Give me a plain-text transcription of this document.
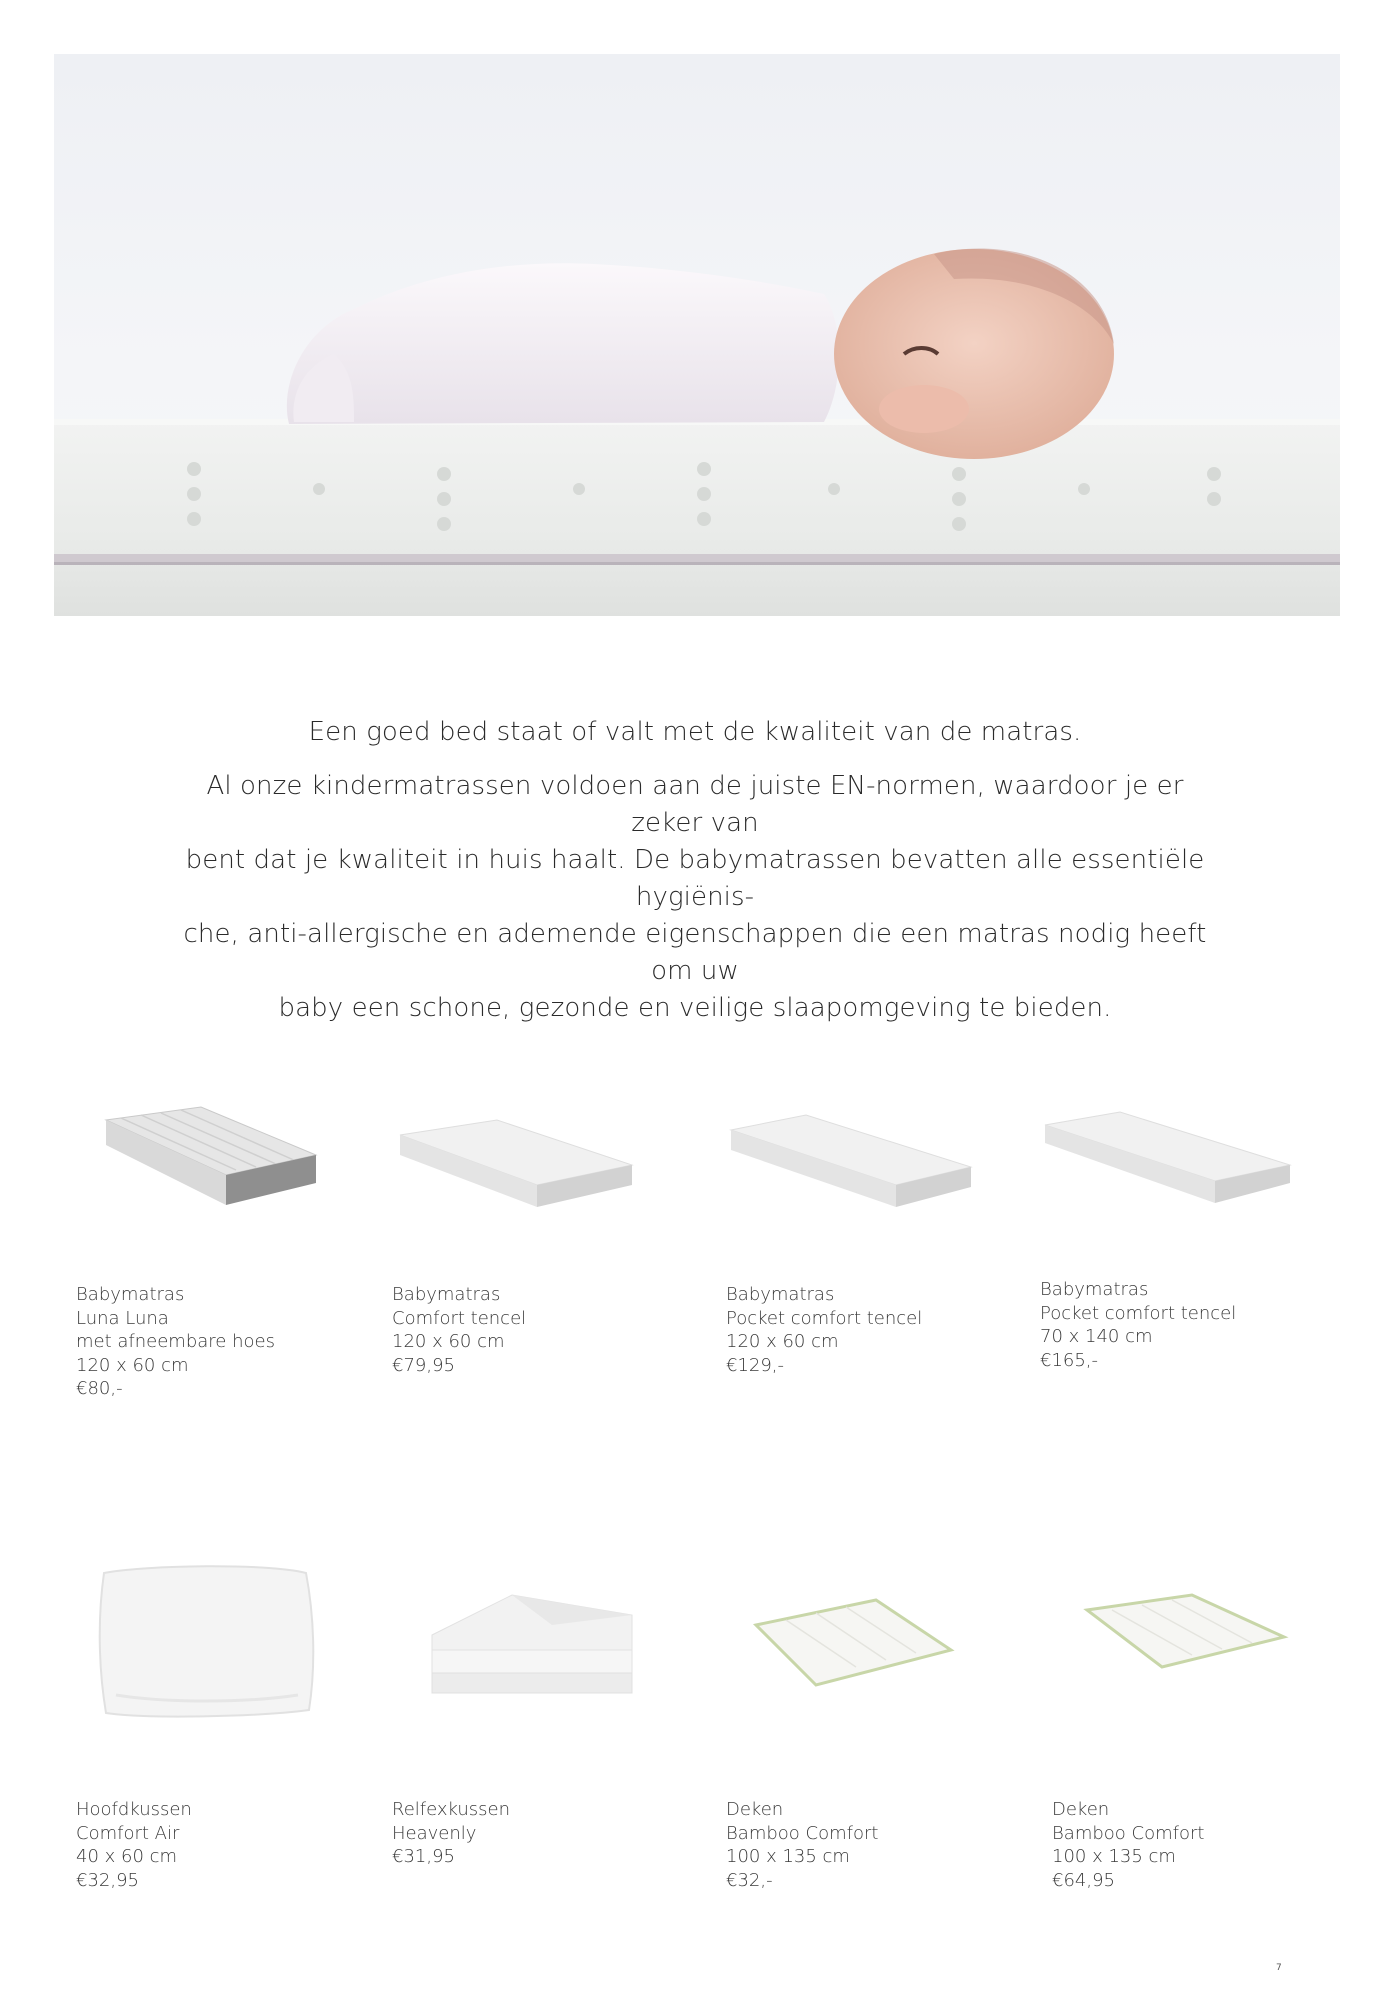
Een goed bed staat of valt met de kwaliteit van de matras.

Al onze kindermatrassen voldoen aan de juiste EN-normen, waardoor je er zeker van
bent dat je kwaliteit in huis haalt. De babymatrassen bevatten alle essentiële hygiënis-
che, anti-allergische en ademende eigenschappen die een matras nodig heeft om uw
baby een schone, gezonde en veilige slaapomgeving te bieden.

Babymatras
Luna Luna
met afneembare hoes
120 x 60 cm
€80,-
Babymatras
Comfort tencel
120 x 60 cm
€79,95
Babymatras
Pocket comfort tencel
120 x 60 cm
€129,-
Babymatras
Pocket comfort tencel
70 x 140 cm
€165,-
Hoofdkussen
Comfort Air
40 x 60 cm
€32,95
Relfexkussen
Heavenly
€31,95
Deken
Bamboo Comfort
100 x 135 cm
€32,-
Deken
Bamboo Comfort
100 x 135 cm
€64,95
7
